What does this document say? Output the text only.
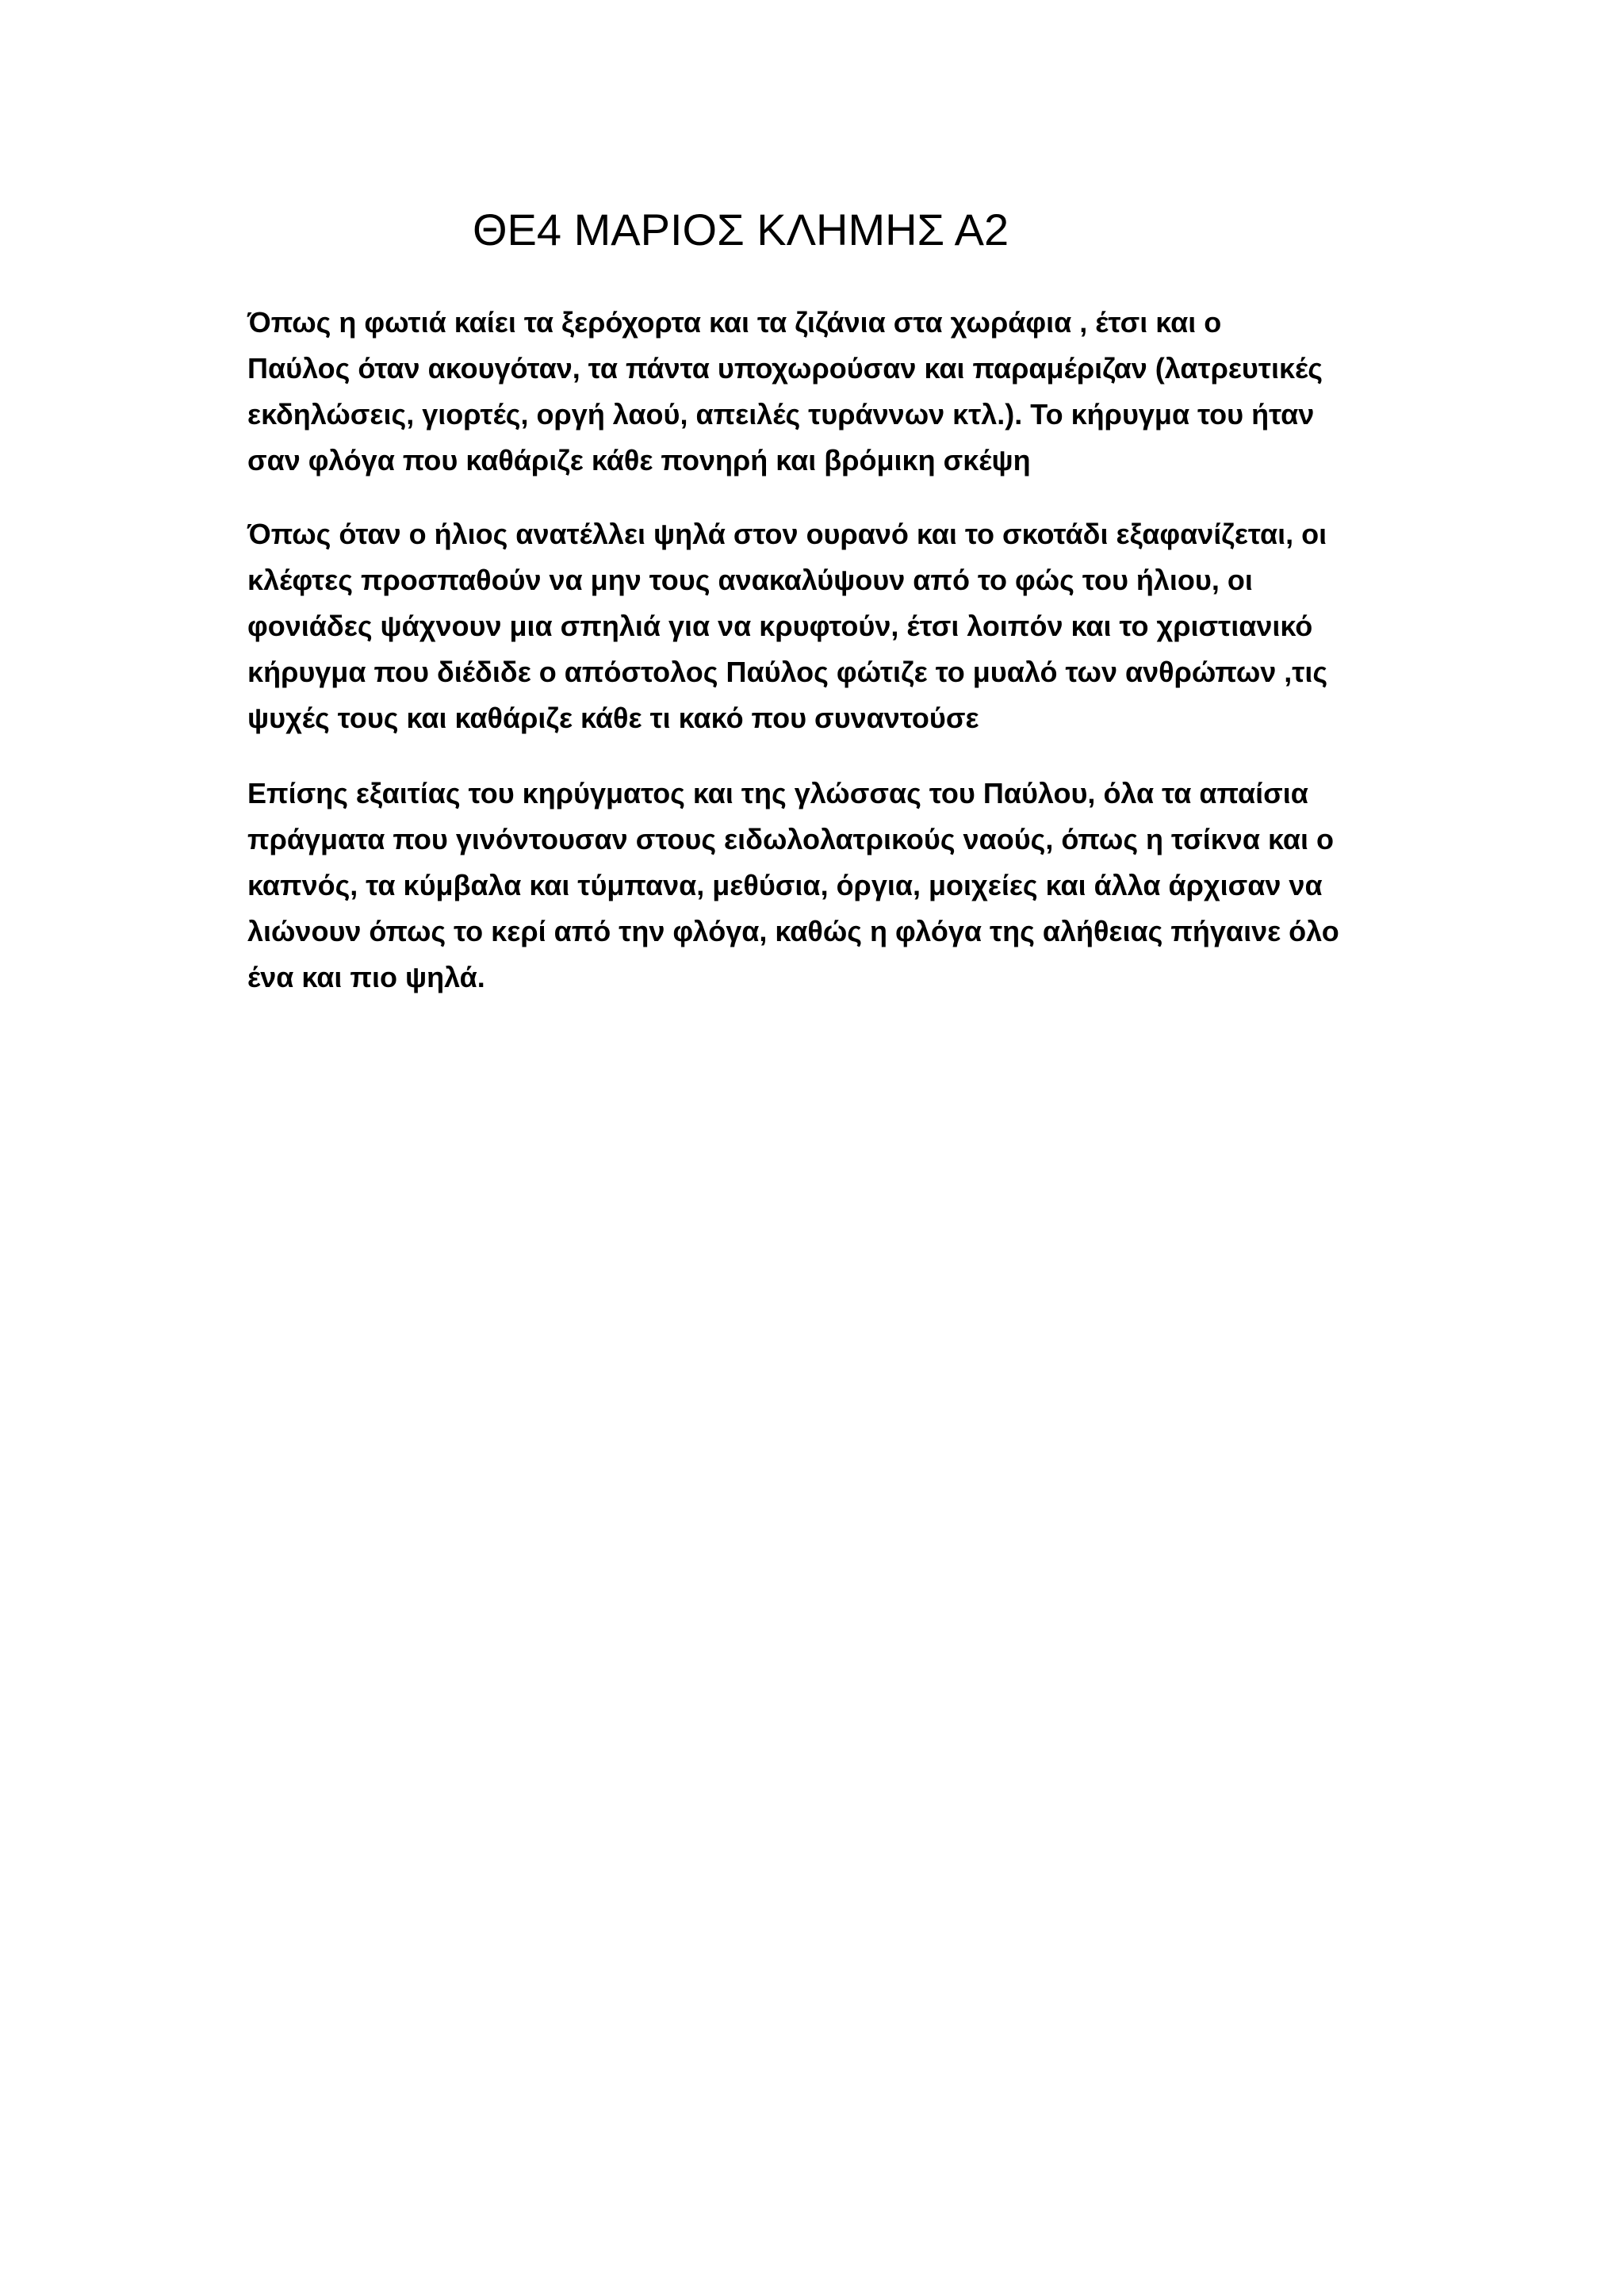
ΘΕ4 ΜΑΡΙΟΣ ΚΛΗΜΗΣ Α2
Όπως η φωτιά καίει τα ξερόχορτα και τα ζιζάνια στα χωράφια , έτσι και ο
Παύλος όταν ακουγόταν, τα πάντα υποχωρούσαν και παραμέριζαν (λατρευτικές
εκδηλώσεις, γιορτές, οργή λαού, απειλές τυράννων κτλ.). Το κήρυγμα του ήταν
σαν φλόγα που καθάριζε κάθε πονηρή και βρόμικη σκέψη
Όπως όταν ο ήλιος ανατέλλει ψηλά στον ουρανό και το σκοτάδι εξαφανίζεται, οι
κλέφτες προσπαθούν να μην τους ανακαλύψουν από το φώς του ήλιου, οι
φονιάδες ψάχνουν μια σπηλιά για να κρυφτούν, έτσι λοιπόν και το χριστιανικό
κήρυγμα που διέδιδε ο απόστολος Παύλος φώτιζε το μυαλό των ανθρώπων ,τις
ψυχές τους και καθάριζε κάθε τι κακό που συναντούσε
Επίσης εξαιτίας του κηρύγματος και της γλώσσας του Παύλου, όλα τα απαίσια
πράγματα που γινόντουσαν στους ειδωλολατρικούς ναούς, όπως η τσίκνα και ο
καπνός, τα κύμβαλα και τύμπανα, μεθύσια, όργια, μοιχείες και άλλα άρχισαν να
λιώνουν όπως το κερί από την φλόγα, καθώς η φλόγα της αλήθειας πήγαινε όλο
ένα και πιο ψηλά.
